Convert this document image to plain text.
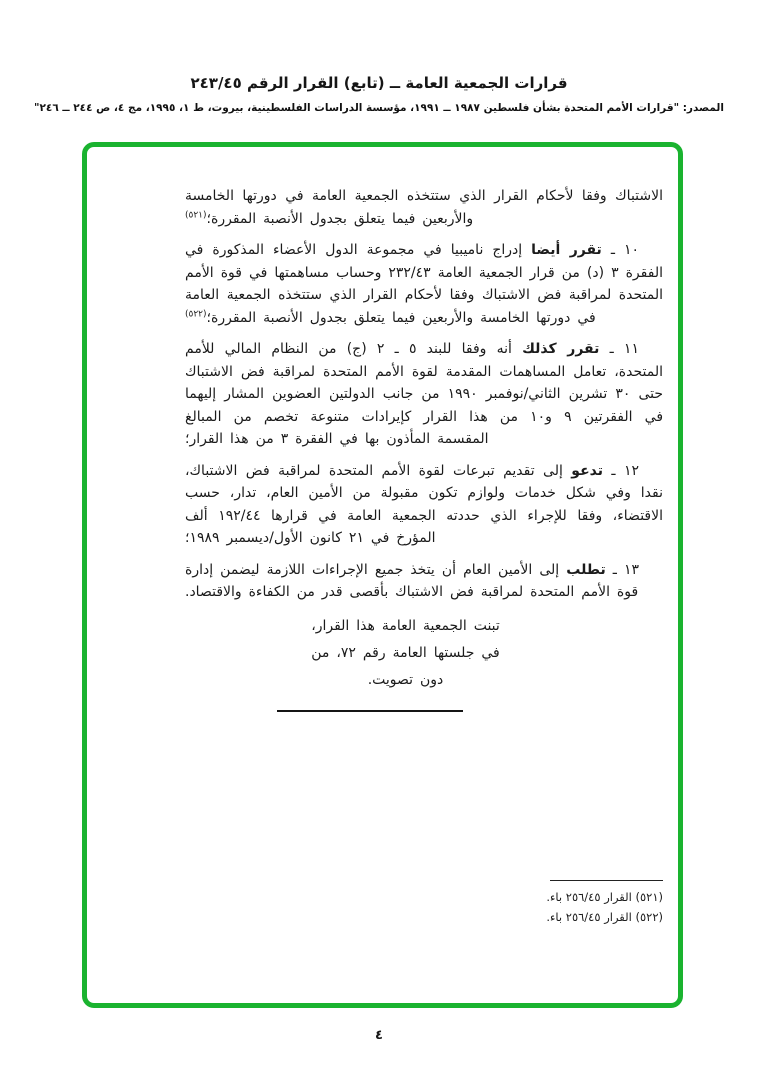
قرارات الجمعية العامة ــ (تابع) القرار الرقم ٢٤٣/٤٥
المصدر: "قرارات الأمم المتحدة بشأن فلسطين ١٩٨٧ ــ ١٩٩١، مؤسسة الدراسات الفلسطينية، بيروت، ط ١، ١٩٩٥، مج ٤، ص ٢٤٤ ــ ٢٤٦"

الاشتباك وفقا لأحكام القرار الذي ستتخذه الجمعية العامة في دورتها الخامسة والأربعين فيما يتعلق بجدول الأنصبة المقررة؛$^{(٥٢١)}$

١٠ ـ تقرر أيضا إدراج ناميبيا في مجموعة الدول الأعضاء المذكورة في الفقرة ٣ (د) من قرار الجمعية العامة ٢٣٢/٤٣ وحساب مساهمتها في قوة الأمم المتحدة لمراقبة فض الاشتباك وفقا لأحكام القرار الذي ستتخذه الجمعية العامة في دورتها الخامسة والأربعين فيما يتعلق بجدول الأنصبة المقررة؛$^{(٥٢٢)}$

١١ ـ تقرر كذلك أنه وفقا للبند ٥ ـ ٢ (ج) من النظام المالي للأمم المتحدة، تعامل المساهمات المقدمة لقوة الأمم المتحدة لمراقبة فض الاشتباك حتى ٣٠ تشرين الثاني/نوفمبر ١٩٩٠ من جانب الدولتين العضوين المشار إليهما في الفقرتين ٩ و١٠ من هذا القرار كإيرادات متنوعة تخصم من المبالغ المقسمة المأذون بها في الفقرة ٣ من هذا القرار؛

١٢ ـ تدعو إلى تقديم تبرعات لقوة الأمم المتحدة لمراقبة فض الاشتباك، نقدا وفي شكل خدمات ولوازم تكون مقبولة من الأمين العام، تدار، حسب الاقتضاء، وفقا للإجراء الذي حددته الجمعية العامة في قرارها ١٩٢/٤٤ ألف المؤرخ في ٢١ كانون الأول/ديسمبر ١٩٨٩؛

١٣ ـ تطلب إلى الأمين العام أن يتخذ جميع الإجراءات اللازمة ليضمن إدارة قوة الأمم المتحدة لمراقبة فض الاشتباك بأقصى قدر من الكفاءة والاقتصاد.

تبنت الجمعية العامة هذا القرار،
في جلستها العامة رقم ٧٢، من
دون تصويت.
(٥٢١) القرار ٢٥٦/٤٥ باء.
(٥٢٢) القرار ٢٥٦/٤٥ باء.
٤
